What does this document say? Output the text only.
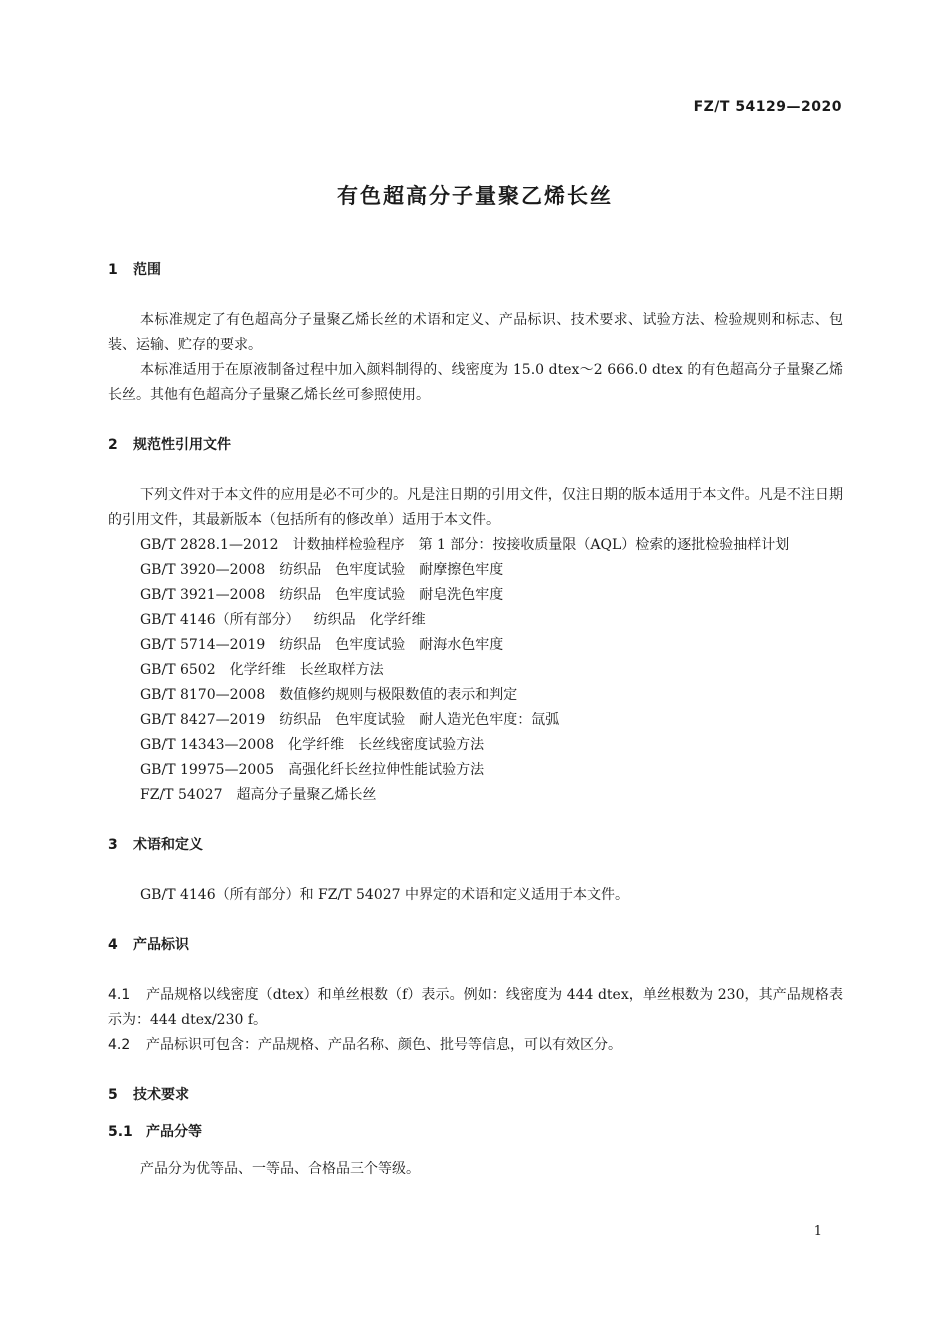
FZ/T 54129—2020
有色超高分子量聚乙烯长丝
1 范围

本标准规定了有色超高分子量聚乙烯长丝的术语和定义、产品标识、技术要求、试验方法、检验规则和标志、包装、运输、贮存的要求。

本标准适用于在原液制备过程中加入颜料制得的、线密度为 15.0 dtex～2 666.0 dtex 的有色超高分子量聚乙烯长丝。其他有色超高分子量聚乙烯长丝可参照使用。

2 规范性引用文件

下列文件对于本文件的应用是必不可少的。凡是注日期的引用文件，仅注日期的版本适用于本文件。凡是不注日期的引用文件，其最新版本（包括所有的修改单）适用于本文件。

GB/T 2828.1—2012 计数抽样检验程序　第 1 部分：按接收质量限（AQL）检索的逐批检验抽样计划

GB/T 3920—2008 纺织品　色牢度试验　耐摩擦色牢度

GB/T 3921—2008 纺织品　色牢度试验　耐皂洗色牢度

GB/T 4146（所有部分） 纺织品　化学纤维

GB/T 5714—2019 纺织品　色牢度试验　耐海水色牢度

GB/T 6502 化学纤维　长丝取样方法

GB/T 8170—2008 数值修约规则与极限数值的表示和判定

GB/T 8427—2019 纺织品　色牢度试验　耐人造光色牢度：氙弧

GB/T 14343—2008 化学纤维　长丝线密度试验方法

GB/T 19975—2005 高强化纤长丝拉伸性能试验方法

FZ/T 54027 超高分子量聚乙烯长丝

3 术语和定义

GB/T 4146（所有部分）和 FZ/T 54027 中界定的术语和定义适用于本文件。

4 产品标识

4.1 产品规格以线密度（dtex）和单丝根数（f）表示。例如：线密度为 444 dtex，单丝根数为 230，其产品规格表示为：444 dtex/230 f。

4.2 产品标识可包含：产品规格、产品名称、颜色、批号等信息，可以有效区分。

5 技术要求
5.1 产品分等

产品分为优等品、一等品、合格品三个等级。

1
